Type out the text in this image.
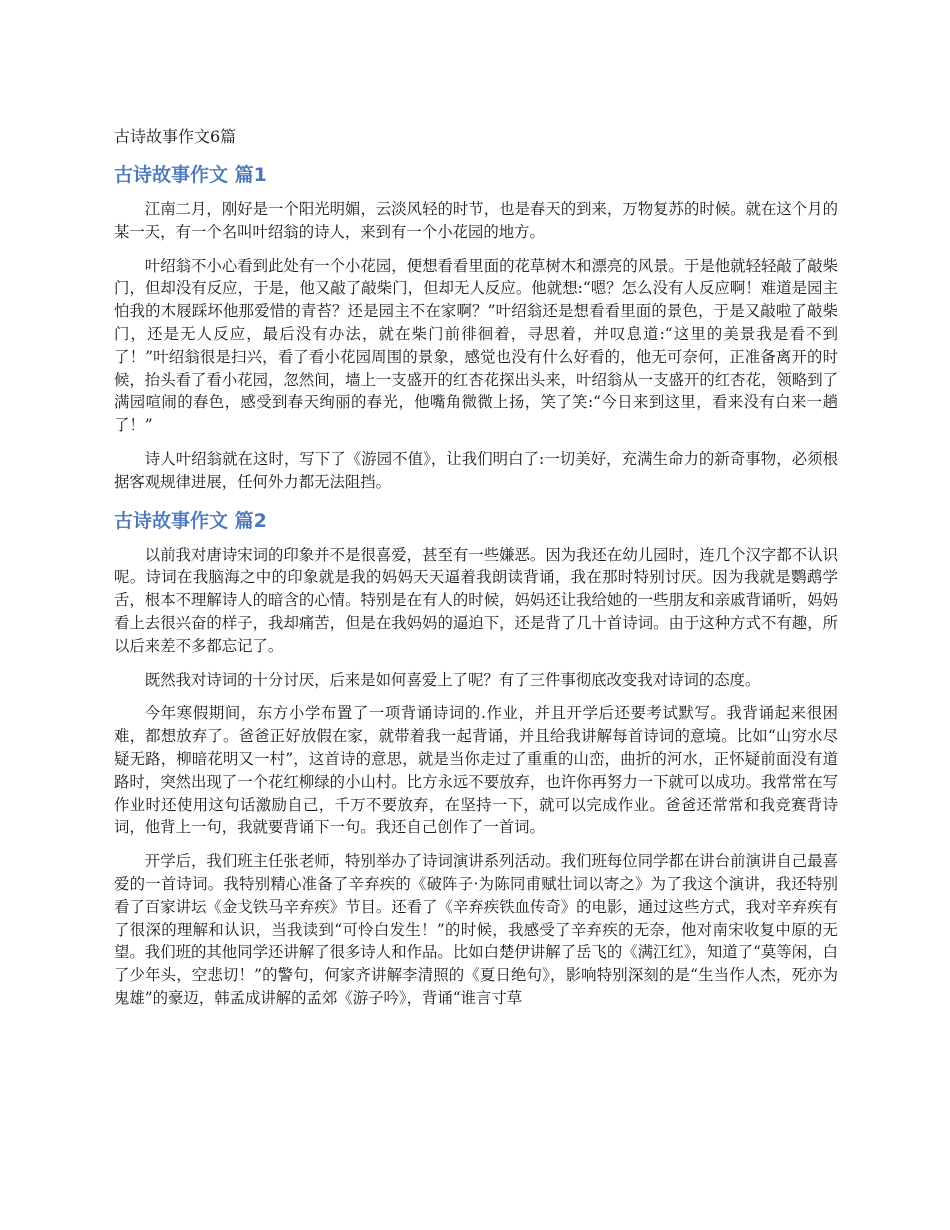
古诗故事作文6篇
古诗故事作文 篇1

江南二月，刚好是一个阳光明媚，云淡风轻的时节，也是春天的到来，万物复苏的时候。就在这个月的某一天，有一个名叫叶绍翁的诗人，来到有一个小花园的地方。

叶绍翁不小心看到此处有一个小花园，便想看看里面的花草树木和漂亮的风景。于是他就轻轻敲了敲柴门，但却没有反应，于是，他又敲了敲柴门，但却无人反应。他就想:“嗯？怎么没有人反应啊！难道是园主怕我的木屐踩坏他那爱惜的青苔？还是园主不在家啊？”叶绍翁还是想看看里面的景色，于是又敲啦了敲柴门，还是无人反应，最后没有办法，就在柴门前徘徊着，寻思着，并叹息道:“这里的美景我是看不到了！”叶绍翁很是扫兴，看了看小花园周围的景象，感觉也没有什么好看的，他无可奈何，正准备离开的时候，抬头看了看小花园，忽然间，墙上一支盛开的红杏花探出头来，叶绍翁从一支盛开的红杏花，领略到了满园喧闹的春色，感受到春天绚丽的春光，他嘴角微微上扬，笑了笑:“今日来到这里，看来没有白来一趟了！”

诗人叶绍翁就在这时，写下了《游园不值》，让我们明白了:一切美好，充满生命力的新奇事物，必须根据客观规律进展，任何外力都无法阻挡。

古诗故事作文 篇2

以前我对唐诗宋词的印象并不是很喜爱，甚至有一些嫌恶。因为我还在幼儿园时，连几个汉字都不认识呢。诗词在我脑海之中的印象就是我的妈妈天天逼着我朗读背诵，我在那时特别讨厌。因为我就是鹦鹉学舌，根本不理解诗人的暗含的心情。特别是在有人的时候，妈妈还让我给她的一些朋友和亲戚背诵听，妈妈看上去很兴奋的样子，我却痛苦，但是在我妈妈的逼迫下，还是背了几十首诗词。由于这种方式不有趣，所以后来差不多都忘记了。

既然我对诗词的十分讨厌，后来是如何喜爱上了呢？有了三件事彻底改变我对诗词的态度。

今年寒假期间，东方小学布置了一项背诵诗词的.作业，并且开学后还要考试默写。我背诵起来很困难，都想放弃了。爸爸正好放假在家，就带着我一起背诵，并且给我讲解每首诗词的意境。比如“山穷水尽疑无路，柳暗花明又一村”，这首诗的意思，就是当你走过了重重的山峦，曲折的河水，正怀疑前面没有道路时，突然出现了一个花红柳绿的小山村。比方永远不要放弃，也许你再努力一下就可以成功。我常常在写作业时还使用这句话激励自己，千万不要放弃，在坚持一下，就可以完成作业。爸爸还常常和我竞赛背诗词，他背上一句，我就要背诵下一句。我还自己创作了一首词。

开学后，我们班主任张老师，特别举办了诗词演讲系列活动。我们班每位同学都在讲台前演讲自己最喜爱的一首诗词。我特别精心准备了辛弃疾的《破阵子·为陈同甫赋壮词以寄之》为了我这个演讲，我还特别看了百家讲坛《金戈铁马辛弃疾》节目。还看了《辛弃疾铁血传奇》的电影，通过这些方式，我对辛弃疾有了很深的理解和认识，当我读到“可怜白发生！”的时候，我感受了辛弃疾的无奈，他对南宋收复中原的无望。我们班的其他同学还讲解了很多诗人和作品。比如白楚伊讲解了岳飞的《满江红》，知道了“莫等闲，白了少年头，空悲切！”的警句，何家齐讲解李清照的《夏日绝句》，影响特别深刻的是“生当作人杰，死亦为鬼雄”的豪迈，韩孟成讲解的孟郊《游子吟》，背诵“谁言寸草
